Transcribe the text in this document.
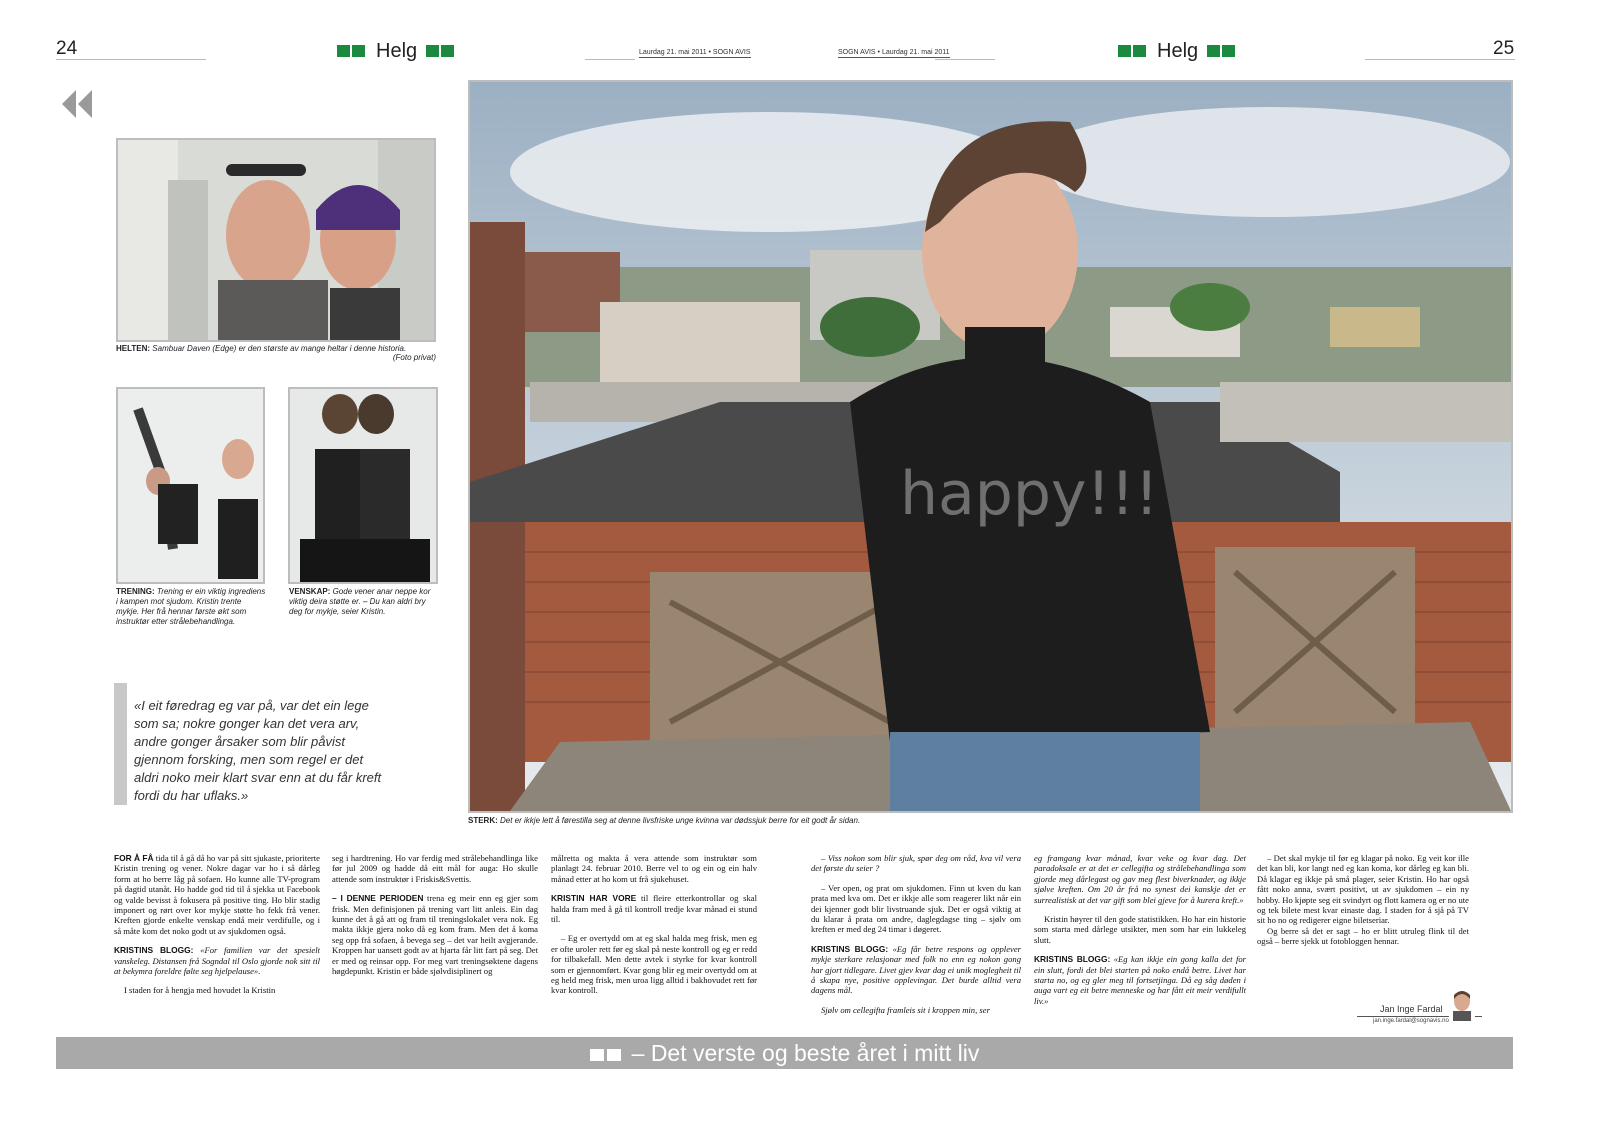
24	Helg	Laurdag 21. mai 2011 • SOGN AVIS	SOGN AVIS • Laurdag 21. mai 2011	Helg	25
HELTEN: Sambuar Daven (Edge) er den største av mange heltar i denne historia.
(Foto privat)
TRENING: Trening er ein viktig ingrediens i kampen mot sjudom. Kristin trente mykje. Her frå hennar første økt som instruktør etter strålebehandlinga.
VENSKAP: Gode vener anar neppe kor viktig deira støtte er. – Du kan aldri bry deg for mykje, seier Kristin.
«I eit føredrag eg var på, var det ein lege som sa; nokre gonger kan det vera arv, andre gonger årsaker som blir påvist gjennom forsking, men som regel er det aldri noko meir klart svar enn at du får kreft fordi du har uflaks.»
happy!!!
STERK: Det er ikkje lett å førestilla seg at denne livsfriske unge kvinna var dødssjuk berre for eit godt år sidan.

FOR Å FÅ tida til å gå då ho var på sitt sjukaste, prioriterte Kristin trening og vener. Nokre dagar var ho i så dårleg form at ho berre låg på sofaen. Ho kunne alle TV-program på dagtid utanåt. Ho hadde god tid til å sjekka ut Facebook og valde bevisst å fokusera på positive ting. Ho blir stadig imponert og rørt over kor mykje støtte ho fekk frå vener. Kreften gjorde enkelte venskap endå meir verdifulle, og i så måte kom det noko godt ut av sjukdomen også.

KRISTINS BLOGG: «For familien var det spesielt vanskeleg. Distansen frå Sogndal til Oslo gjorde nok sitt til at bekymra foreldre følte seg hjelpelause».

I staden for å hengja med hovudet la Kristin

seg i hardtrening. Ho var ferdig med strålebehandlinga like før jul 2009 og hadde då eitt mål for auga: Ho skulle attende som instruktør i Friskis&Svettis.

– I DENNE PERIODEN trena eg meir enn eg gjer som frisk. Men definisjonen på trening vart litt anleis. Ein dag kunne det å gå att og fram til treningslokalet vera nok. Eg makta ikkje gjera noko då eg kom fram. Men det å koma seg opp frå sofaen, å bevega seg – det var heilt avgjerande. Kroppen har uansett godt av at hjarta får litt fart på seg. Det er med og reinsar opp. For meg vart treningsøktene dagens høgdepunkt. Kristin er både sjølvdisiplinert og

målretta og makta å vera attende som instruktør som planlagt 24. februar 2010. Berre vel to og ein og ein halv månad etter at ho kom ut frå sjukehuset.

KRISTIN HAR VORE til fleire etterkontrollar og skal halda fram med å gå til kontroll tredje kvar månad ei stund til.

– Eg er overtydd om at eg skal halda meg frisk, men eg er ofte urolег rett før eg skal på neste kontroll og eg er redd for tilbakefall. Men dette avtek i styrke for kvar kontroll som er gjennomført. Kvar gong blir eg meir overtydd om at eg held meg frisk, men uroa ligg alltid i bakhovudet rett før kvar kontroll.

– Viss nokon som blir sjuk, spør deg om råd, kva vil vera det første du seier ?

– Ver open, og prat om sjukdomen. Finn ut kven du kan prata med kva om. Det er ikkje alle som reagerer likt når ein dei kjenner godt blir livstruande sjuk. Det er også viktig at du klarar å prata om andre, daglegdagse ting – sjølv om kreften er med deg 24 timar i døgeret.

KRISTINS BLOGG: «Eg får betre respons og opplever mykje sterkare relasjonar med folk no enn eg nokon gong har gjort tidlegare. Livet gjev kvar dag ei unik moglegheit til å skapa nye, positive opplevingar. Det burde alltid vera dagens mål.

Sjølv om cellegifta framleis sit i kroppen min, ser

eg framgang kvar månad, kvar veke og kvar dag. Det paradoksale er at det er cellegifta og strålebehandlinga som gjorde meg dårlegast og gav meg flest biverknader, og ikkje sjølve kreften. Om 20 år frå no synest dei kanskje det er surrealistisk at det var gift som blei gjeve for å kurera kreft.»

Kristin høyrer til den gode statistikken. Ho har ein historie som starta med dårlege utsikter, men som har ein lukkeleg slutt.

KRISTINS BLOGG: «Eg kan ikkje ein gong kalla det for ein slutt, fordi det blei starten på noko endå betre. Livet har starta no, og eg gler meg til fortsetjinga. Då eg såg døden i auga vart eg eit betre menneske og har fått eit meir verdifullt liv.»

– Det skal mykje til før eg klagar på noko. Eg veit kor ille det kan bli, kor langt ned eg kan koma, kor dårleg eg kan bli. Då klagar eg ikkje på små plager, seier Kristin. Ho har også fått noko anna, svært positivt, ut av sjukdomen – ein ny hobby. Ho kjøpte seg eit svindyrt og flott kamera og er no ute og tek bilete mest kvar einaste dag. I staden for å sjå på TV sit ho no og redigerer eigne biletseriar.

Og berre så det er sagt – ho er blitt utruleg flink til det også – berre sjekk ut fotobloggen hennar.

Jan Inge Fardal
jan.inge.fardal@sognavis.no
– Det verste og beste året i mitt liv
